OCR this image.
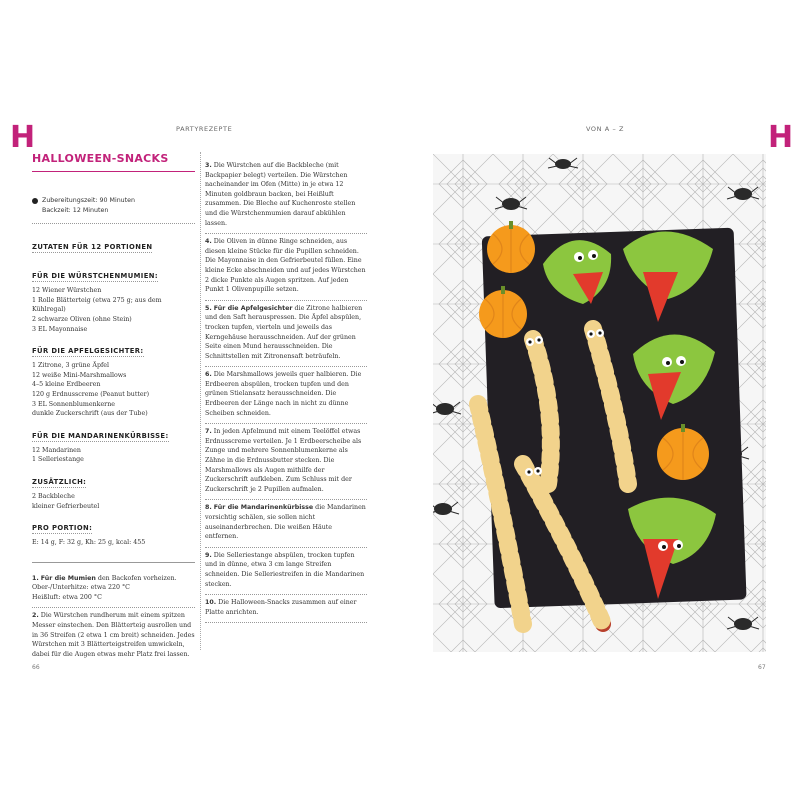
H	H
PARTYREZEPTE	VON A – Z
HALLOWEEN-SNACKS
Zubereitungszeit: 90 Minuten
Backzeit: 12 Minuten
ZUTATEN FÜR 12 PORTIONEN
FÜR DIE WÜRSTCHENMUMIEN:
12 Wiener Würstchen
1 Rolle Blätterteig (etwa 275 g; aus dem Kühlregal)
2 schwarze Oliven (ohne Stein)
3 EL Mayonnaise
FÜR DIE APFELGESICHTER:
1 Zitrone, 3 grüne Äpfel
12 weiße Mini-Marshmallows
4–5 kleine Erdbeeren
120 g Erdnusscreme (Peanut butter)
3 EL Sonnenblumenkerne
dunkle Zuckerschrift (aus der Tube)
FÜR DIE MANDARINENKÜRBISSE:
12 Mandarinen
1 Selleriestange
ZUSÄTZLICH:
2 Backbleche
kleiner Gefrierbeutel
PRO PORTION:
E: 14 g, F: 32 g, Kh: 25 g, kcal: 455
1. Für die Mumien den Backofen vorheizen.
Ober-/Unterhitze: etwa 220 °C
Heißluft: etwa 200 °C
2. Die Würstchen rundherum mit einem spitzen Messer einstechen. Den Blätterteig ausrollen und in 36 Streifen (2 etwa 1 cm breit) schneiden. Jedes Würstchen mit 3 Blätterteigstreifen umwickeln, dabei für die Augen etwas mehr Platz frei lassen.
3. Die Würstchen auf die Backbleche (mit Backpapier belegt) verteilen. Die Würstchen nacheinander im Ofen (Mitte) in je etwa 12 Minuten goldbraun backen, bei Heißluft zusammen. Die Bleche auf Kuchenroste stellen und die Würstchenmumien darauf abkühlen lassen.
4. Die Oliven in dünne Ringe schneiden, aus diesen kleine Stücke für die Pupillen schneiden. Die Mayonnaise in den Gefrierbeutel füllen. Eine kleine Ecke abschneiden und auf jedes Würstchen 2 dicke Punkte als Augen spritzen. Auf jeden Punkt 1 Olivenpupille setzen.
5. Für die Apfelgesichter die Zitrone halbieren und den Saft herauspressen. Die Äpfel abspülen, trocken tupfen, vierteln und jeweils das Kerngehäuse herausschneiden. Auf der grünen Seite einen Mund herausschneiden. Die Schnittstellen mit Zitronensaft beträufeln.
6. Die Marshmallows jeweils quer halbieren. Die Erdbeeren abspülen, trocken tupfen und den grünen Stielansatz herausschneiden. Die Erdbeeren der Länge nach in nicht zu dünne Scheiben schneiden.
7. In jeden Apfelmund mit einem Teelöffel etwas Erdnusscreme verteilen. Je 1 Erdbeerscheibe als Zunge und mehrere Sonnenblumenkerne als Zähne in die Erdnussbutter stecken. Die Marshmallows als Augen mithilfe der Zuckerschrift aufkleben. Zum Schluss mit der Zuckerschrift je 2 Pupillen aufmalen.
8. Für die Mandarinenkürbisse die Mandarinen vorsichtig schälen, sie sollen nicht auseinanderbrechen. Die weißen Häute entfernen.
9. Die Selleriestange abspülen, trocken tupfen und in dünne, etwa 3 cm lange Streifen schneiden. Die Selleriestreifen in die Mandarinen stecken.
10. Die Halloween-Snacks zusammen auf einer Platte anrichten.
66	67
